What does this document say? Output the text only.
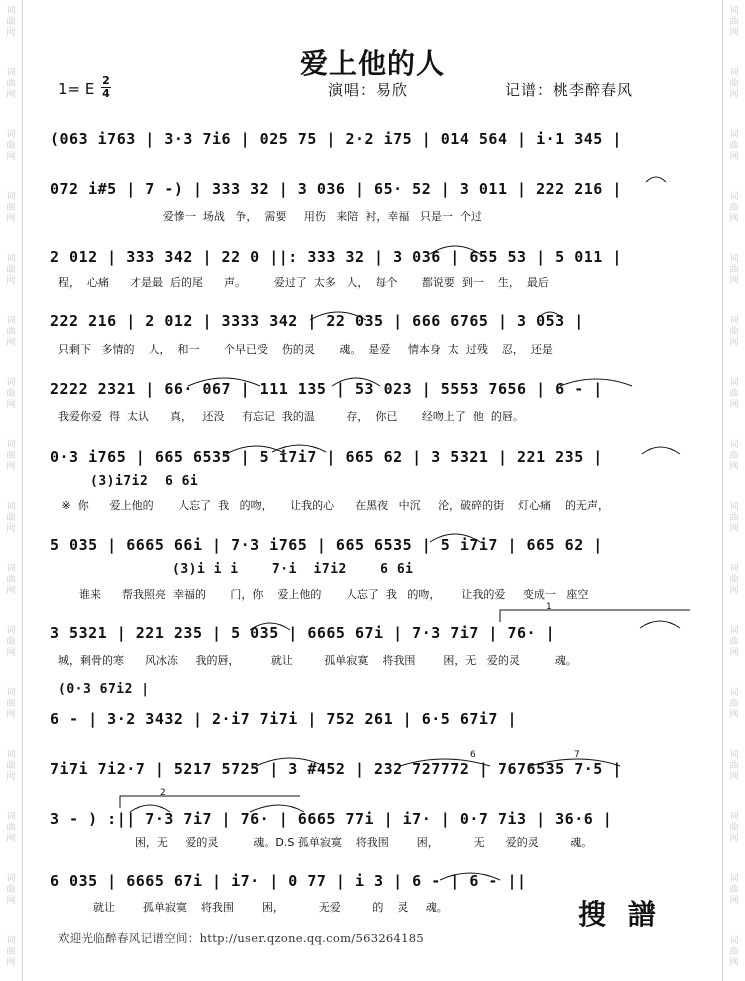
词
曲
网
词
曲
网
词
曲
网
词
曲
网
词
曲
网
词
曲
网
词
曲
网
词
曲
网
词
曲
网
词
曲
网
词
曲
网
词
曲
网
词
曲
网
词
曲
网
词
曲
网
词
曲
网
词
曲
网
词
曲
网
词
曲
网
词
曲
网
词
曲
网
词
曲
网
词
曲
网
词
曲
网
词
曲
网
词
曲
网
词
曲
网
词
曲
网
词
曲
网
词
曲
网
词
曲
网
词
曲
网
爱上他的人
1= E 2
4	演唱：易欣	记谱：桃李醉春风
(063 i763 | 3·3 7i6 | 025 75 | 2·2 i75 | 014 564 | i·1 345 |
072 i#5 | 7 -) | 333 32 | 3 036 | 65· 52 | 3 011 | 222 216 |
爱慘一  场战   争，  需要     用伤   来陪  衬，幸福   只是一  个过
2 012 | 333 342 | 22 0 ||: 333 32 | 3 036 | 655 53 | 5 011 |
程，  心痛      才是最  后的尾      声。        爱过了  太多   人，  每个       都说要  到一    生，  最后
222 216 | 2 012 | 3333 342 | 22 035 | 666 6765 | 3 053 |
只剩下   多情的    人，  和一       个早已受    伤的灵       魂。  是爱     情本身  太  过残    忍，  还是
2222 2321 | 66· 067 | 111 135 | 53 023 | 5553 7656 | 6 - |
我爱你爱  得  太认      真，   还没     有忘记  我的温         存，  你已       经吻上了  他  的唇。
0·3 i765 | 665 6535 | 5 i7i7 | 665 62 | 3 5321 | 221 235 |
(3)i7i2  6 6i
※  你      爱上他的       人忘了  我   的吻，     让我的心      在黑夜   中沉     沦，破碎的街    灯心痛    的无声，
5 035 | 6665 66i | 7·3 i765 | 665 6535 | 5 i7i7 | 665 62 |
(3)i i i    7·i  i7i2    6 6i
谁来      帮我照亮  幸福的       门，你    爱上他的       人忘了  我   的吻，      让我的爱     变成一   座空
3 5321 | 221 235 | 5 035 | 6665 67i | 7·3 7i7 | 76· |
城，剩骨的寒      风冰冻     我的唇，         就让         孤单寂寞    将我围        困，无   爱的灵          魂。
(0·3 67i2 |
6 - | 3·2 3432 | 2·i7 7i7i | 752 261 | 6·5 67i7 |
7i7i 7i2·7 | 5217 5725 | 3 #452 | 232 727772 | 7676535 7·5 |
3 - ) :|| 7·3 7i7 | 76· | 6665 77i | i7· | 0·7 7i3 | 36·6 |
困，无     爱的灵          魂。D.S 孤单寂寞    将我围        困，          无      爱的灵         魂。
6 035 | 6665 67i | i7· | 0 77 | i 3 | 6 - | 6 - ||
就让        孤单寂寞    将我围        困，          无爱         的    灵     魂。
1
2
6	7
欢迎光临醉春风记谱空间：http://user.qzone.qq.com/563264185
搜 譜
